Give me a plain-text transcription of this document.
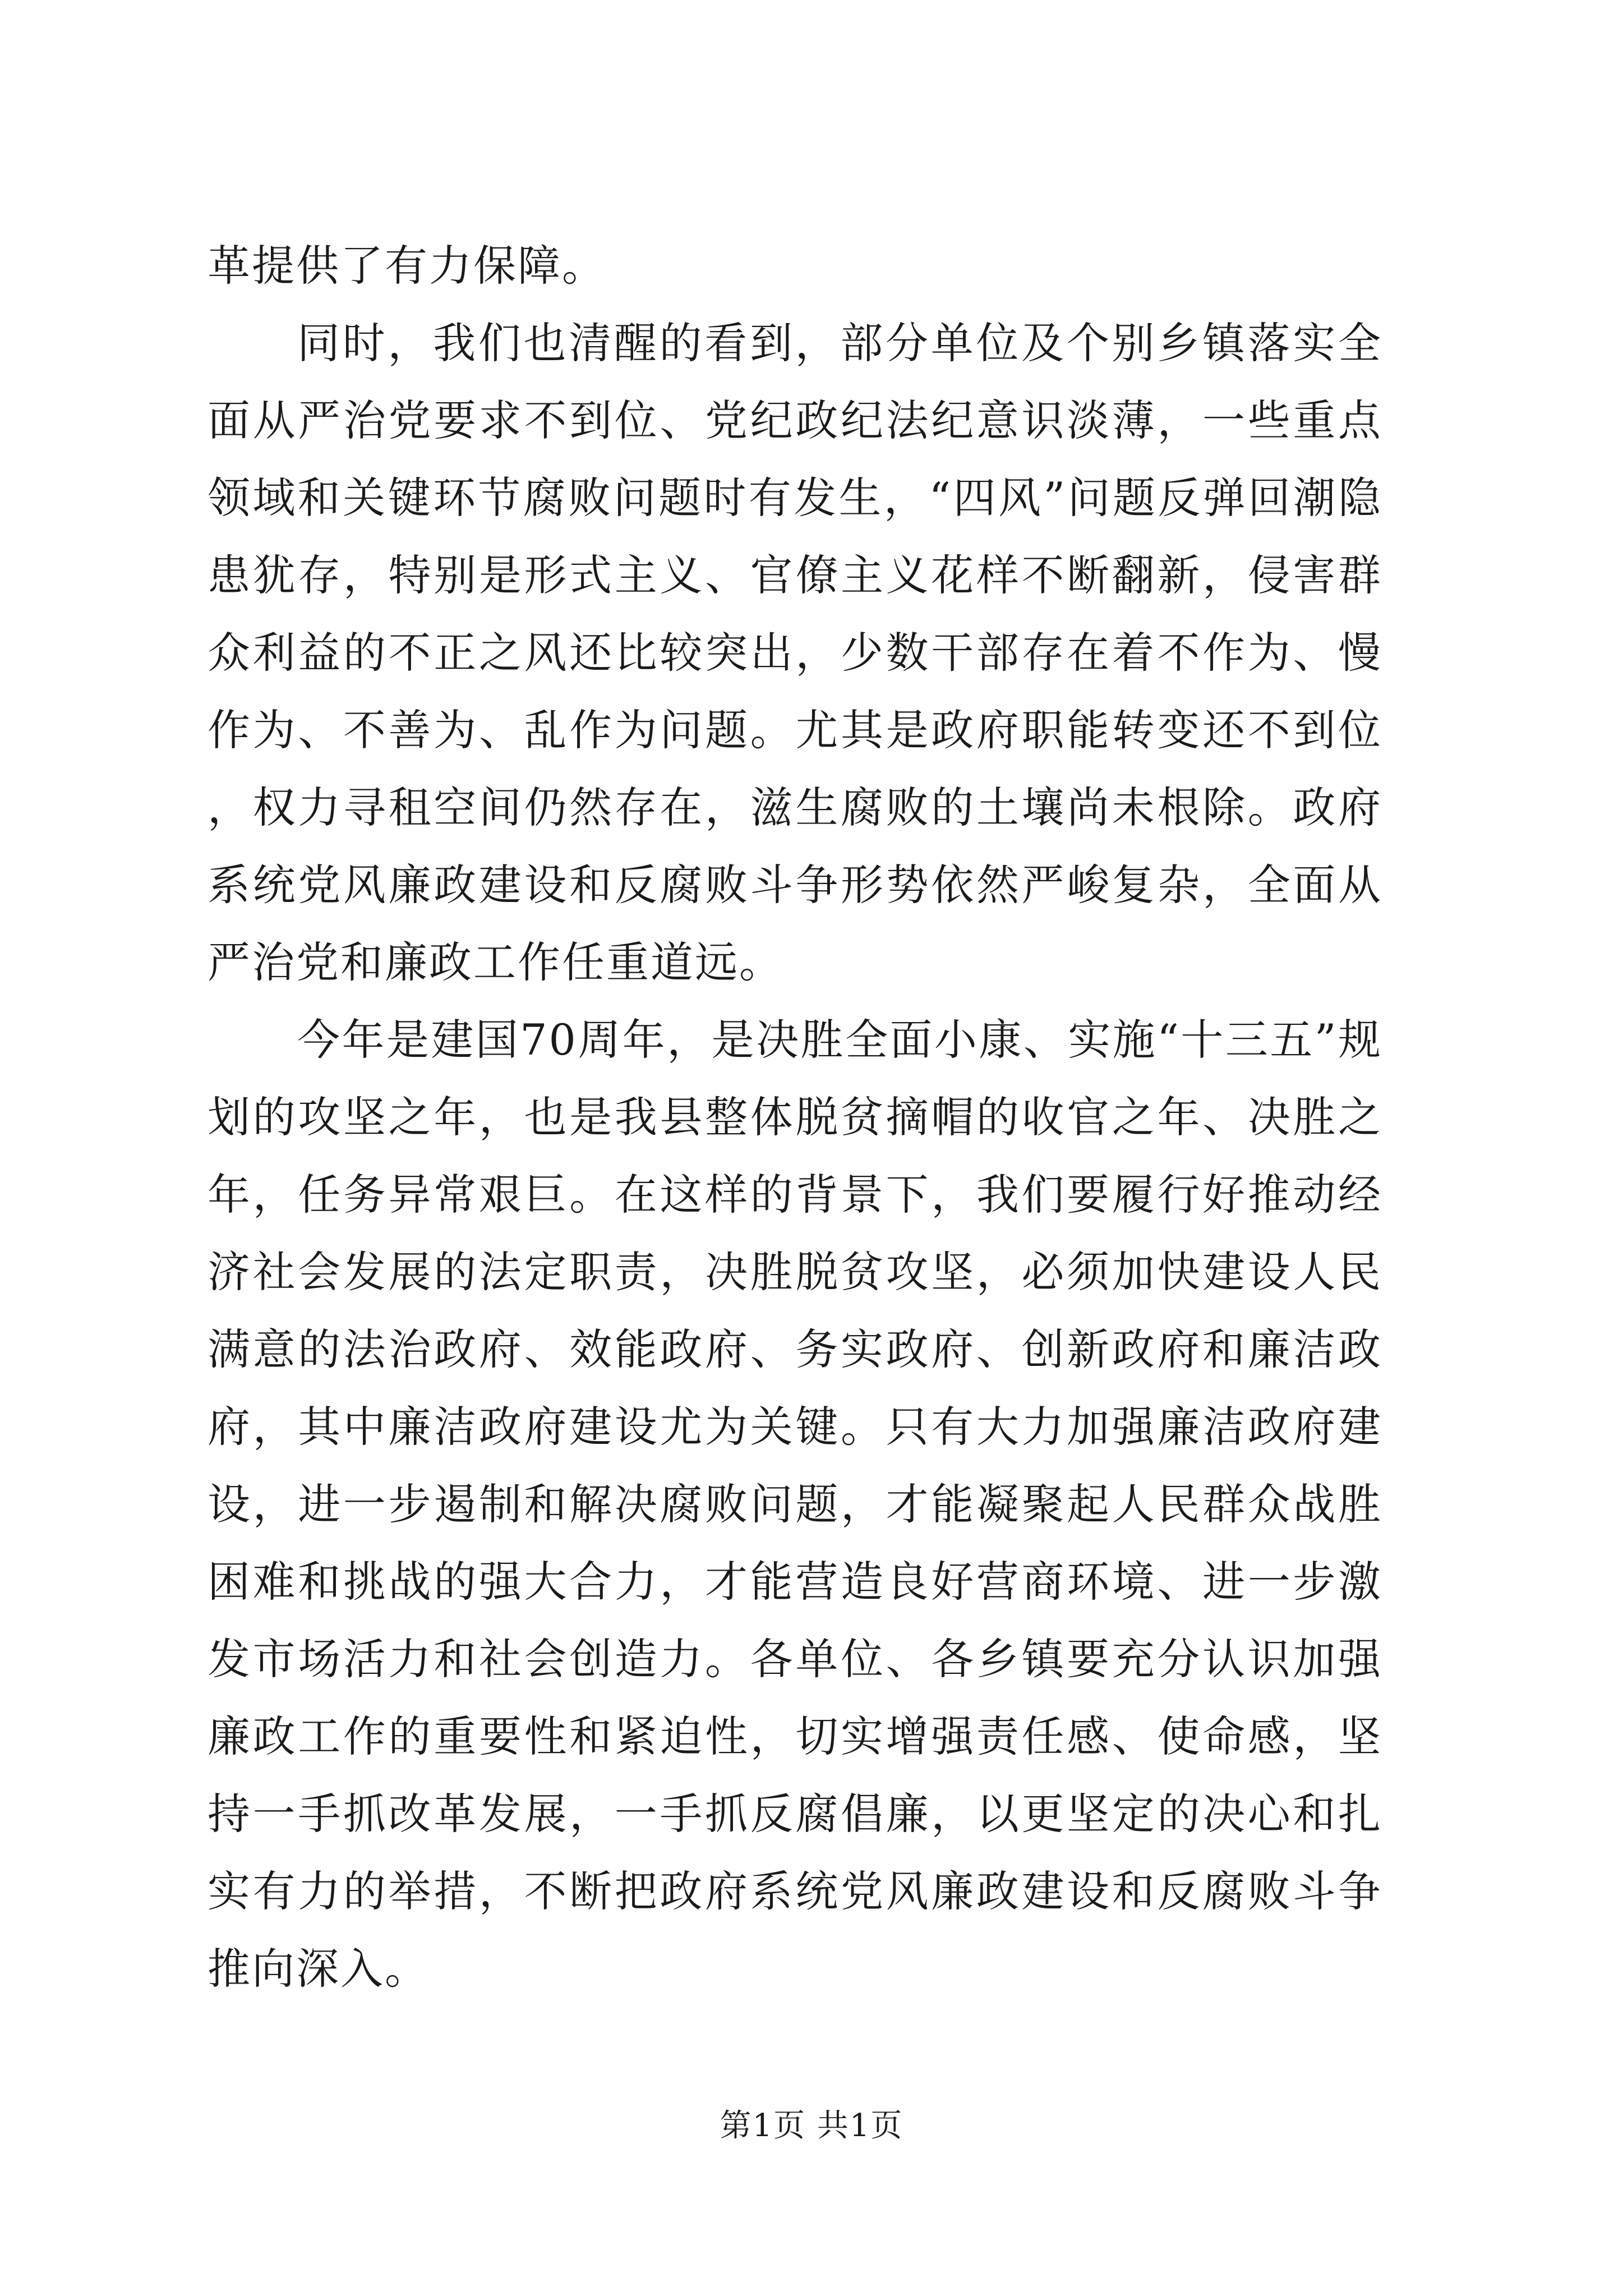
革提供了有力保障。

同时，我们也清醒的看到，部分单位及个别乡镇落实全面从严治党要求不到位、党纪政纪法纪意识淡薄，一些重点领域和关键环节腐败问题时有发生，“四风”问题反弹回潮隐患犹存，特别是形式主义、官僚主义花样不断翻新，侵害群众利益的不正之风还比较突出，少数干部存在着不作为、慢作为、不善为、乱作为问题。尤其是政府职能转变还不到位，权力寻租空间仍然存在，滋生腐败的土壤尚未根除。政府系统党风廉政建设和反腐败斗争形势依然严峻复杂，全面从严治党和廉政工作任重道远。

今年是建国70周年，是决胜全面小康、实施“十三五”规划的攻坚之年，也是我县整体脱贫摘帽的收官之年、决胜之年，任务异常艰巨。在这样的背景下，我们要履行好推动经济社会发展的法定职责，决胜脱贫攻坚，必须加快建设人民满意的法治政府、效能政府、务实政府、创新政府和廉洁政府，其中廉洁政府建设尤为关键。只有大力加强廉洁政府建设，进一步遏制和解决腐败问题，才能凝聚起人民群众战胜困难和挑战的强大合力，才能营造良好营商环境、进一步激发市场活力和社会创造力。各单位、各乡镇要充分认识加强廉政工作的重要性和紧迫性，切实增强责任感、使命感，坚持一手抓改革发展，一手抓反腐倡廉，以更坚定的决心和扎实有力的举措，不断把政府系统党风廉政建设和反腐败斗争推向深入。

第1页 共1页
